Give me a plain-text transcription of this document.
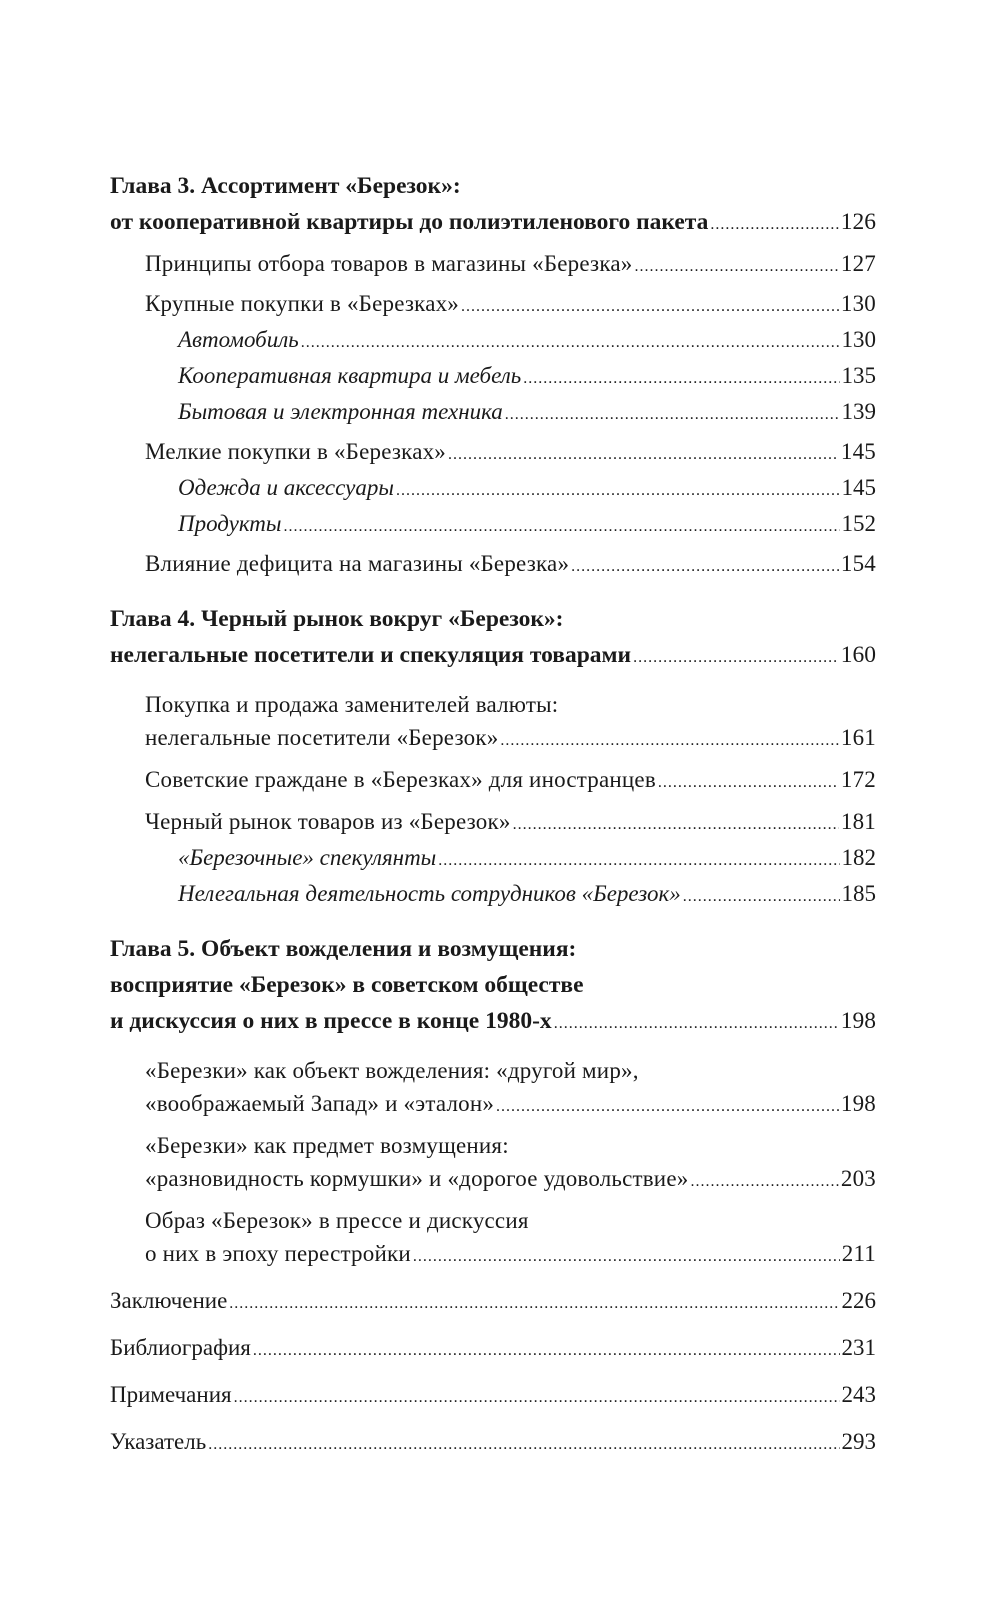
Глава 3. Ассортимент «Березок»:
от кооперативной квартиры до полиэтиленового пакета .....	126
Принципы отбора товаров в магазины «Березка» .....	127
Крупные покупки в «Березках» .....	130
Автомобиль .....	130
Кооперативная квартира и мебель .....	135
Бытовая и электронная техника .....	139
Мелкие покупки в «Березках» .....	145
Одежда и аксессуары .....	145
Продукты .....	152
Влияние дефицита на магазины «Березка» .....	154
Глава 4. Черный рынок вокруг «Березок»:
нелегальные посетители и спекуляция товарами .....	160
Покупка и продажа заменителей валюты:
нелегальные посетители «Березок» .....	161
Советские граждане в «Березках» для иностранцев .....	172
Черный рынок товаров из «Березок» .....	181
«Березочные» спекулянты .....	182
Нелегальная деятельность сотрудников «Березок» .....	185
Глава 5. Объект вожделения и возмущения:
восприятие «Березок» в советском обществе
и дискуссия о них в прессе в конце 1980-х .....	198
«Березки» как объект вожделения: «другой мир»,
«воображаемый Запад» и «эталон» .....	198
«Березки» как предмет возмущения:
«разновидность кормушки» и «дорогое удовольствие» .....	203
Образ «Березок» в прессе и дискуссия
о них в эпоху перестройки .....	211
Заключение .....	226
Библиография .....	231
Примечания .....	243
Указатель .....	293
